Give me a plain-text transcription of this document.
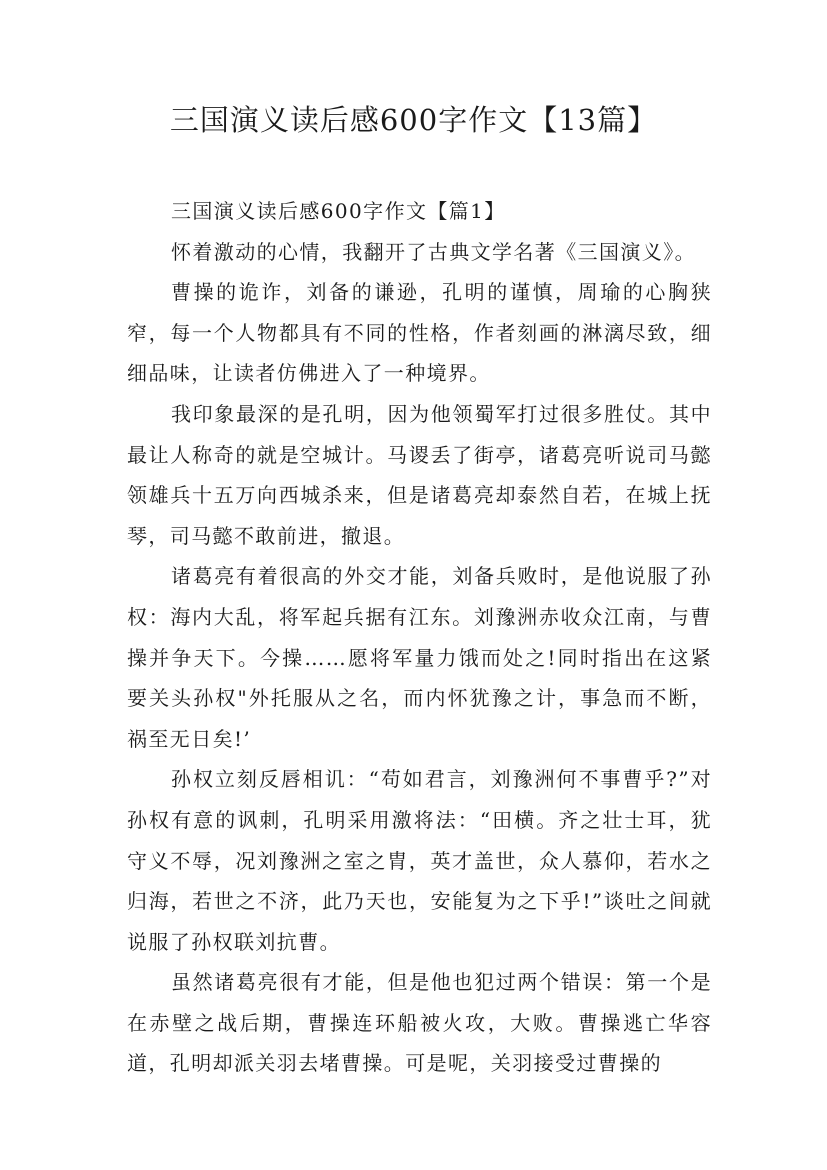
三国演义读后感600字作文【13篇】

三国演义读后感600字作文【篇1】

怀着激动的心情，我翻开了古典文学名著《三国演义》。

曹操的诡诈，刘备的谦逊，孔明的谨慎，周瑜的心胸狭窄，每一个人物都具有不同的性格，作者刻画的淋漓尽致，细细品味，让读者仿佛进入了一种境界。

我印象最深的是孔明，因为他领蜀军打过很多胜仗。其中最让人称奇的就是空城计。马谡丢了街亭，诸葛亮听说司马懿领雄兵十五万向西城杀来，但是诸葛亮却泰然自若，在城上抚琴，司马懿不敢前进，撤退。

诸葛亮有着很高的外交才能，刘备兵败时，是他说服了孙权：海内大乱，将军起兵据有江东。刘豫洲赤收众江南，与曹操并争天下。今操……愿将军量力饿而处之!同时指出在这紧要关头孙权"外托服从之名，而内怀犹豫之计，事急而不断，祸至无日矣!’

孙权立刻反唇相讥：“苟如君言，刘豫洲何不事曹乎?”对孙权有意的讽刺，孔明采用激将法：“田横。齐之壮士耳，犹守义不辱，况刘豫洲之室之胄，英才盖世，众人慕仰，若水之归海，若世之不济，此乃天也，安能复为之下乎!”谈吐之间就说服了孙权联刘抗曹。

虽然诸葛亮很有才能，但是他也犯过两个错误：第一个是在赤壁之战后期，曹操连环船被火攻，大败。曹操逃亡华容道，孔明却派关羽去堵曹操。可是呢，关羽接受过曹操的
